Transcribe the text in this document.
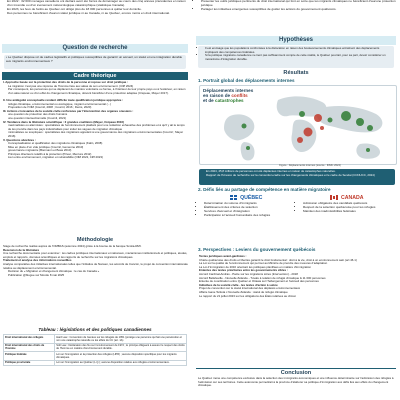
• En 2022 : 32 600 ménages canadiens ont déclaré avoir été forcés de déménager au cours des cinq années précédentes en raison d'un incendie ou d'un événement météorologique catastrophique (statistique Canada).
• En 2023, les feux de forêts au Québec ont obligé plus de 18 000 personnes à quitter leur domicile.
• Des personnes ne bénéficient d'aucun statut juridique ni au Canada, ni au Québec, encore moins en droit international.
Question de recherche
• Le Québec dispose-t-il de cadres législatifs et politiques susceptibles de garantir un accueil, un statut et une intégration durable aux migrants environnementaux ?
• Présenter les outils juridiques pertinents du droit international qui font en sorte que les migrants climatiques ne bénéficient d'aucune protection juridique
• Partager les initiatives émergentes susceptibles de guider les actions du gouvernement québécois.
Hypothèses
• Il est envisagé que les populations confrontées à la dislocation en raison des bouleversements climatiques entraînent des déplacements impliquant des compétences fédérales.
• Si la politique migratoire canadienne ne tient pas suffisamment compte de cette réalité, le Québec pourrait, pour sa part, devoir considérer un mécanisme d'intégration durable.
Cadre théorique
I. Approche basée sur la protection des droits de la personne et repose sur droit juridique :
• La migration n'est pas une réponse de l'homme face aux aléas de son environnement. (Cliff 2024)
• Par conséquent, les personnes qui se déplacent de manière volontaire ou forcée, à l'intérieur de leur propre pays ou à l'extérieur, en raison d'un aléa naturel ou d'un effet du changement climatique, doivent bénéficier d'une protection adaptée (Crépeau, Mayer 2017).
•
II. Une ambiguïté conceptuelle rendant difficile toute qualification juridique appropriée :
• réfugié climatique, environnemental ou écologique, migrant environnemental (...)
• Proposition de l'OIM (Cournil, 2008 ; Cournil, 2016 ; Denis, 2020)
III. Actions croissantes de la société civile renforcées par l'intervention des organes onusiens :
• une question de protection des droits humains
• une question intersectionnelle (Cournil, 2021)
IV. Tendance dans la littérature scientifique : 2 grandes coalitions (Mayer, Crépeau 2016)
• maximalistes ou alarmistes : spécialistes de l'environnement plaidant pour une rédaction exhaustive des problèmes et à qu'il y ait le temps de les prendre dans les pays industrialisés pour éviter les vagues de migration climatique
• minimalistes ou sceptiques : spécialistes des migrations appelant à une gouvernance des migrations environnementales (Cournil ; Mayer 2016)
V. Questions abordées :
• Conceptualisation et qualification des migrations climatiques (Kalin, 2008)
• Mise en place d'un vide juridique (Cournil, Gemenne 2010)
• gouvernance migratoire (Biermann et Boas 2010)
• Principes directeurs relatifs à la protection (Prieur, Mercure 2012)
• Lien entre environnement, migration et vulnérabilité (OIM 2022, Cliff 2023)
Méthodologie
Stage de recherche réalisé auprès de l'OMBAS (automne 2024) grâce à la bourse de la banque Scotia-RMI.
Recension de la littérature
Une recherche documentaire pour examiner : les cadres juridiques internationaux et nationaux, mécanismes institutionnels et politiques, études, emplois et rapports, données scientifiques et les rapports de recherche sur les migrations climatiques.
Traitement et analyse des informations recueillies
Analyse comparative des initiatives internationales telles que l'initiative de Nansen, les accords de Cancún, le projet de convention internationale relative au déplacement environnemental.
• Décision du « Migration et changement climatique : le cas du Canada »
• Publication @blogue sur Monde 8 mai 2025
Tableau : législations et des politiques canadiennes
Droit international des réfugiés	Hard Law : Convention de Genève sur les réfugiés de 1951 (protège une personne qui fait une persécution et non une catastrophe naturelle ou les effets du CC (art. 1A)
Droit international des droits de l'homme	Soft Law : Déclaration des Nu sur l'environnement de 1972 ; le principe obligeant à assurer le respect des droits de l'homme en matière d'environnement durable.
Politique fédérale	Loi sur l'immigration et la protection des réfugiés (LIPR) ; aucune disposition spécifique pour les migrants climatiques.
Politique provinciale	Loi sur l'immigration au Québec (L.Q.); aucune disposition relative aux réfugiés environnementaux.
Résultats
1. Portrait global des déplacements internes
Déplacements internes
en raison de conflits
et de catastrophes
Figure : Déplacements internes (source : IDMC 2024)
• En 2024, 45,8 millions de personnes ont été déplacées internes en raison de catastrophes naturelles.
• Rapport de l'Unesco de recherche sur la convention-cadre sur les changements climatiques et le cadre de Sendai (CCNUCC, 2024)
2. Défis liés au partage de compétence en matière migratoire
QUÉBEC
• Détermination du volume d'immigrants
• Établissement des critères de sélection
• Services d'accueil et d'intégration
• Participation à l'accueil humanitaire des réfugiés
CANADA
• Admission obligatoire des candidats québécois
• Respect de la sélection québécoise pour les réfugiés
• Maintien des inadmissibilités fédérales
3. Perspectives : Leviers du gouvernement québécois
Textes juridiques avant-gardistes :
Charte québécoise des droits et libertés garantit le droit fondamental : droit à la vie, droit à un environnement sain (art 46.1)
La Loi sur la qualité de l'environnement qui permet au Ministre de prendre des mesures d'adaptation
La Loi d'immigration de 2016 orientant les politiques planifiées en matière d'immigration
Ententes des textes prioritaires entre les gouvernements cibles :
Accord Cardinal-Andras - Pacte sur les migrations sûres (Intervention) - 2018
Accord Bellefeuille - Nouvelle Zélande - Tuvalu à relation de réfugié climatique & 11 000 personnes
Entente de coordination entre Québec et Ottawa sur l'hébergement et l'accueil des personnes
Initiatives de la société civile - les textes d'action à suivre
Projet de convention sur le statut international des déplacés environnementaux
Affaire Ioane Teitiota c Nouvelle Zélande : statut de réfugié climatique
Le rapport du 21 juillet 2023 sur les obligations des États relatives au climat
Conclusion
Le Québec mène une compétence exclusive dans la sélection des immigrants économiques et une influence déterminante sur l'admission des réfugiés à l'admission sur ses territoires. Cette autonomie permettrait à la province d'élaborer sa politique d'immigration aux défis liés aux effets du changement climatique.
